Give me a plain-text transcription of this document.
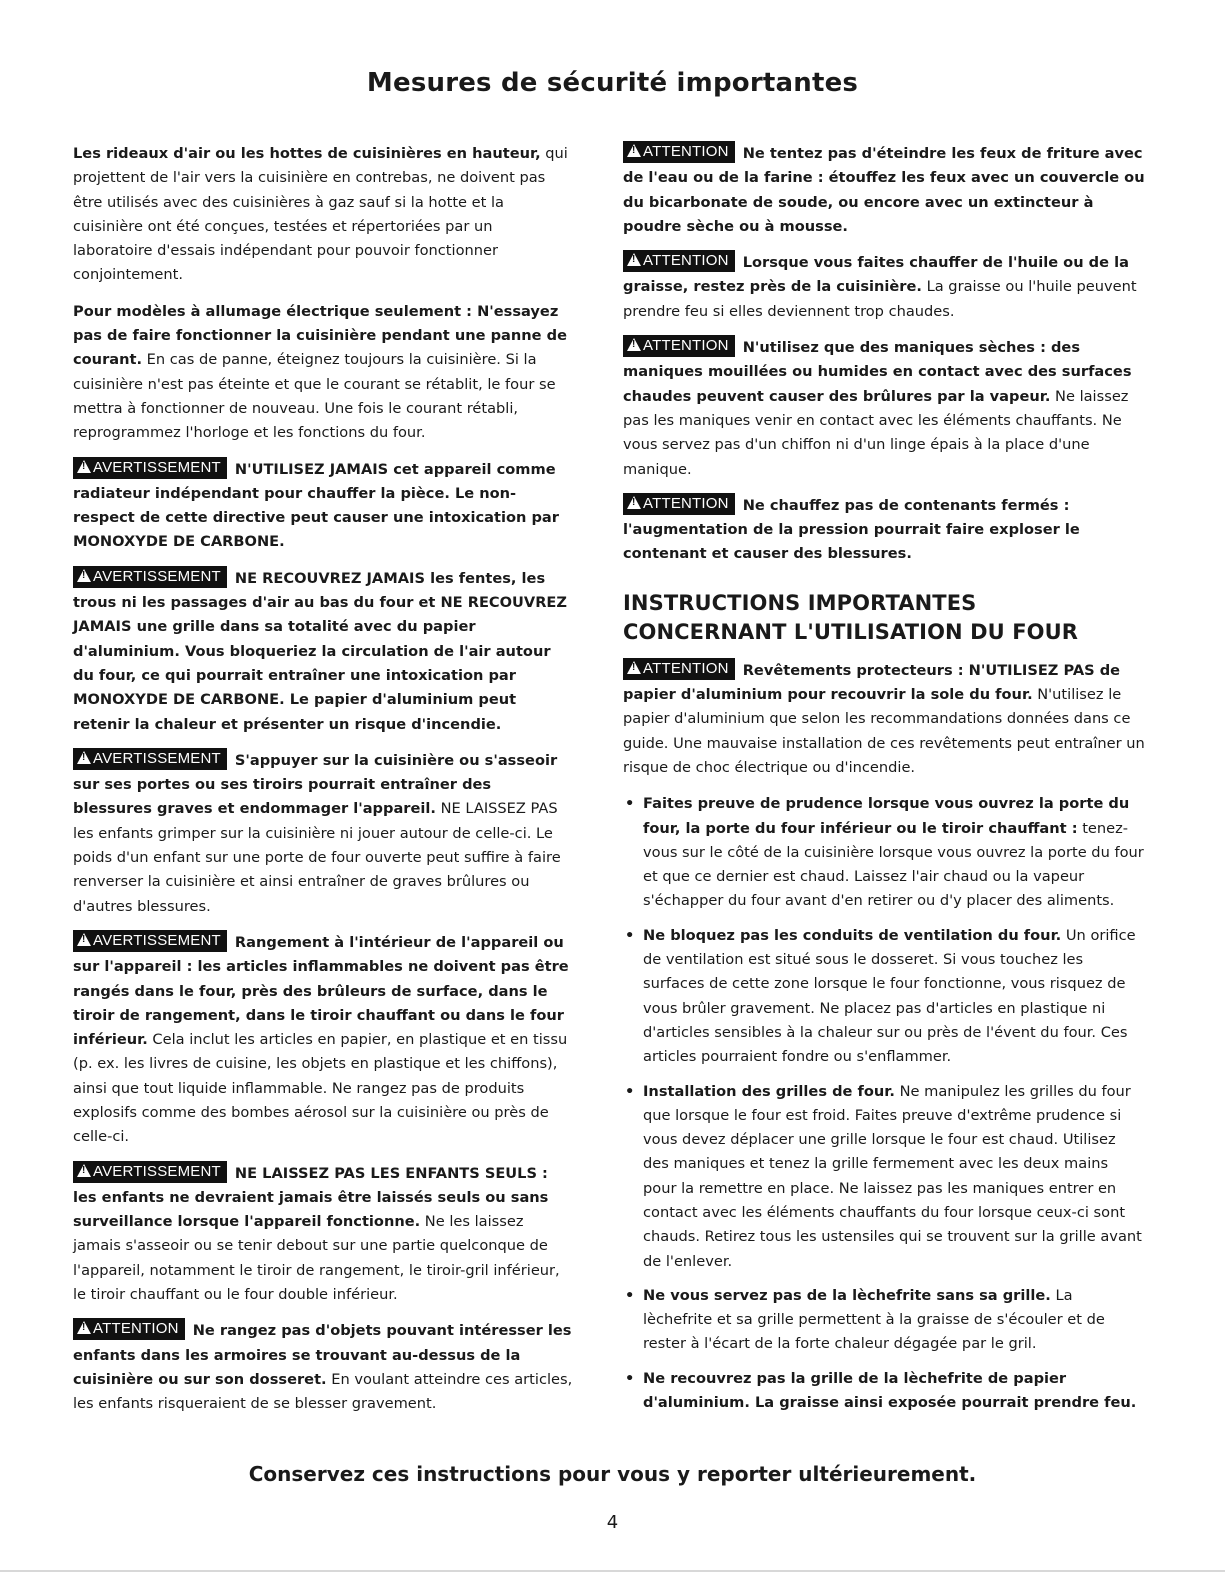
Mesures de sécurité importantes

Les rideaux d'air ou les hottes de cuisinières en hauteur, qui projettent de l'air vers la cuisinière en contrebas, ne doivent pas être utilisés avec des cuisinières à gaz sauf si la hotte et la cuisinière ont été conçues, testées et répertoriées par un laboratoire d'essais indépendant pour pouvoir fonctionner conjointement.

Pour modèles à allumage électrique seulement : N'essayez pas de faire fonctionner la cuisinière pendant une panne de courant. En cas de panne, éteignez toujours la cuisinière. Si la cuisinière n'est pas éteinte et que le courant se rétablit, le four se mettra à fonctionner de nouveau. Une fois le courant rétabli, reprogrammez l'horloge et les fonctions du four.

!AVERTISSEMENT N'UTILISEZ JAMAIS cet appareil comme radiateur indépendant pour chauffer la pièce. Le non-respect de cette directive peut causer une intoxication par MONOXYDE DE CARBONE.

!AVERTISSEMENT NE RECOUVREZ JAMAIS les fentes, les trous ni les passages d'air au bas du four et NE RECOUVREZ JAMAIS une grille dans sa totalité avec du papier d'aluminium. Vous bloqueriez la circulation de l'air autour du four, ce qui pourrait entraîner une intoxication par MONOXYDE DE CARBONE. Le papier d'aluminium peut retenir la chaleur et présenter un risque d'incendie.

!AVERTISSEMENT S'appuyer sur la cuisinière ou s'asseoir sur ses portes ou ses tiroirs pourrait entraîner des blessures graves et endommager l'appareil. NE LAISSEZ PAS les enfants grimper sur la cuisinière ni jouer autour de celle-ci. Le poids d'un enfant sur une porte de four ouverte peut suffire à faire renverser la cuisinière et ainsi entraîner de graves brûlures ou d'autres blessures.

!AVERTISSEMENT Rangement à l'intérieur de l'appareil ou sur l'appareil : les articles inflammables ne doivent pas être rangés dans le four, près des brûleurs de surface, dans le tiroir de rangement, dans le tiroir chauffant ou dans le four inférieur. Cela inclut les articles en papier, en plastique et en tissu (p. ex. les livres de cuisine, les objets en plastique et les chiffons), ainsi que tout liquide inflammable. Ne rangez pas de produits explosifs comme des bombes aérosol sur la cuisinière ou près de celle-ci.

!AVERTISSEMENT NE LAISSEZ PAS LES ENFANTS SEULS : les enfants ne devraient jamais être laissés seuls ou sans surveillance lorsque l'appareil fonctionne. Ne les laissez jamais s'asseoir ou se tenir debout sur une partie quelconque de l'appareil, notamment le tiroir de rangement, le tiroir-gril inférieur, le tiroir chauffant ou le four double inférieur.

!ATTENTION Ne rangez pas d'objets pouvant intéresser les enfants dans les armoires se trouvant au-dessus de la cuisinière ou sur son dosseret. En voulant atteindre ces articles, les enfants risqueraient de se blesser gravement.

!ATTENTION Ne tentez pas d'éteindre les feux de friture avec de l'eau ou de la farine : étouffez les feux avec un couvercle ou du bicarbonate de soude, ou encore avec un extincteur à poudre sèche ou à mousse.

!ATTENTION Lorsque vous faites chauffer de l'huile ou de la graisse, restez près de la cuisinière. La graisse ou l'huile peuvent prendre feu si elles deviennent trop chaudes.

!ATTENTION N'utilisez que des maniques sèches : des maniques mouillées ou humides en contact avec des surfaces chaudes peuvent causer des brûlures par la vapeur. Ne laissez pas les maniques venir en contact avec les éléments chauffants. Ne vous servez pas d'un chiffon ni d'un linge épais à la place d'une manique.

!ATTENTION Ne chauffez pas de contenants fermés : l'augmentation de la pression pourrait faire exploser le contenant et causer des blessures.

INSTRUCTIONS IMPORTANTES CONCERNANT L'UTILISATION DU FOUR

!ATTENTION Revêtements protecteurs : N'UTILISEZ PAS de papier d'aluminium pour recouvrir la sole du four. N'utilisez le papier d'aluminium que selon les recommandations données dans ce guide. Une mauvaise installation de ces revêtements peut entraîner un risque de choc électrique ou d'incendie.

• Faites preuve de prudence lorsque vous ouvrez la porte du four, la porte du four inférieur ou le tiroir chauffant : tenez-vous sur le côté de la cuisinière lorsque vous ouvrez la porte du four et que ce dernier est chaud. Laissez l'air chaud ou la vapeur s'échapper du four avant d'en retirer ou d'y placer des aliments.
• Ne bloquez pas les conduits de ventilation du four. Un orifice de ventilation est situé sous le dosseret. Si vous touchez les surfaces de cette zone lorsque le four fonctionne, vous risquez de vous brûler gravement. Ne placez pas d'articles en plastique ni d'articles sensibles à la chaleur sur ou près de l'évent du four. Ces articles pourraient fondre ou s'enflammer.
• Installation des grilles de four. Ne manipulez les grilles du four que lorsque le four est froid. Faites preuve d'extrême prudence si vous devez déplacer une grille lorsque le four est chaud. Utilisez des maniques et tenez la grille fermement avec les deux mains pour la remettre en place. Ne laissez pas les maniques entrer en contact avec les éléments chauffants du four lorsque ceux-ci sont chauds. Retirez tous les ustensiles qui se trouvent sur la grille avant de l'enlever.
• Ne vous servez pas de la lèchefrite sans sa grille. La lèchefrite et sa grille permettent à la graisse de s'écouler et de rester à l'écart de la forte chaleur dégagée par le gril.
• Ne recouvrez pas la grille de la lèchefrite de papier d'aluminium. La graisse ainsi exposée pourrait prendre feu.
Conservez ces instructions pour vous y reporter ultérieurement.
4
